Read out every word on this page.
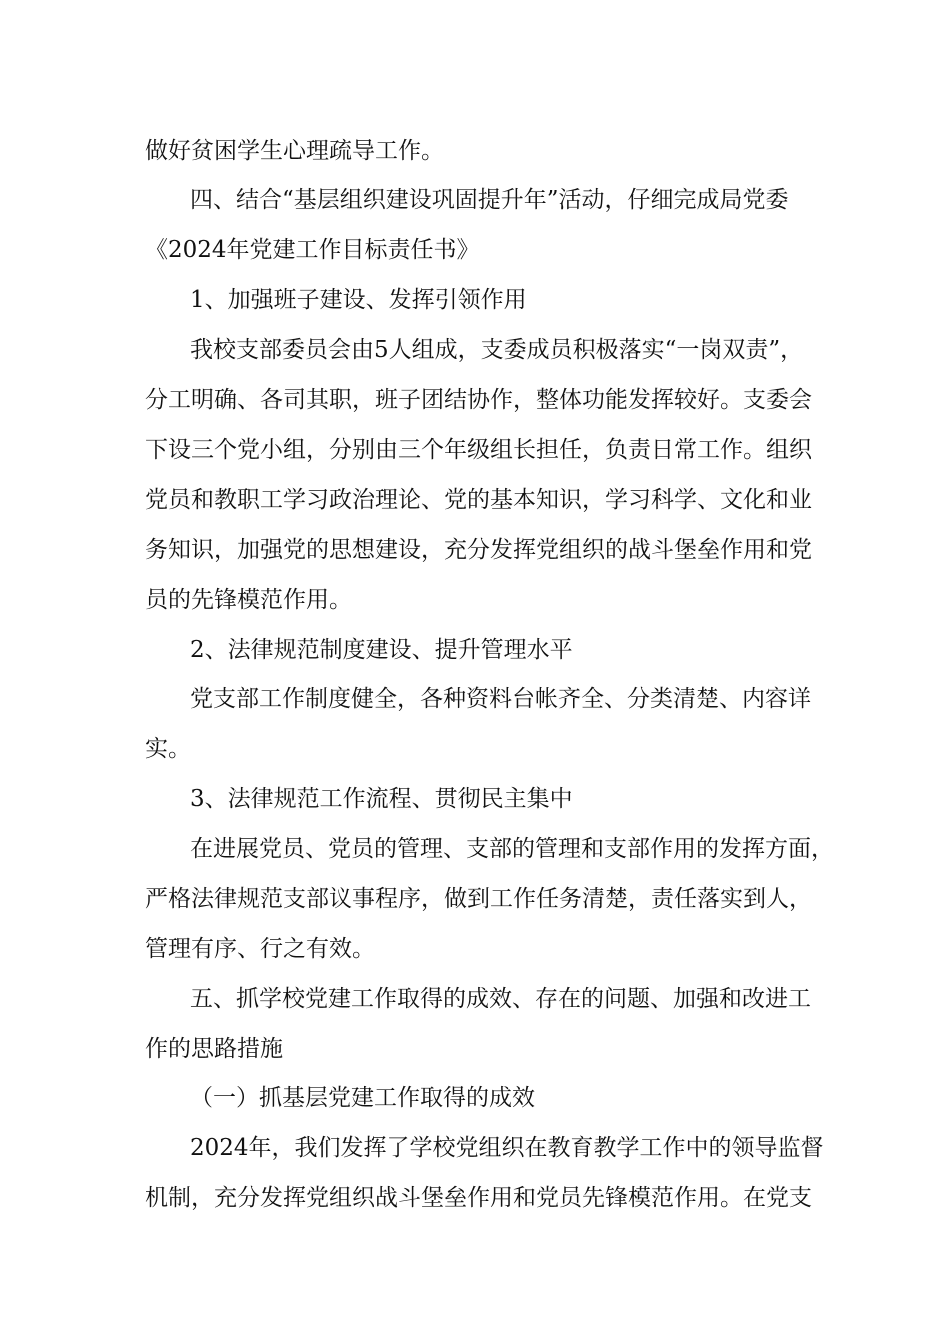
做好贫困学生心理疏导工作。
四、结合“基层组织建设巩固提升年”活动，仔细完成局党委
《2024年党建工作目标责任书》
1、加强班子建设、发挥引领作用
我校支部委员会由5人组成，支委成员积极落实“一岗双责”，
分工明确、各司其职，班子团结协作，整体功能发挥较好。支委会
下设三个党小组，分别由三个年级组长担任，负责日常工作。组织
党员和教职工学习政治理论、党的基本知识，学习科学、文化和业
务知识，加强党的思想建设，充分发挥党组织的战斗堡垒作用和党
员的先锋模范作用。
2、法律规范制度建设、提升管理水平
党支部工作制度健全，各种资料台帐齐全、分类清楚、内容详
实。
3、法律规范工作流程、贯彻民主集中
在进展党员、党员的管理、支部的管理和支部作用的发挥方面，
严格法律规范支部议事程序，做到工作任务清楚，责任落实到人，
管理有序、行之有效。
五、抓学校党建工作取得的成效、存在的问题、加强和改进工
作的思路措施
（一）抓基层党建工作取得的成效
2024年，我们发挥了学校党组织在教育教学工作中的领导监督
机制，充分发挥党组织战斗堡垒作用和党员先锋模范作用。在党支
